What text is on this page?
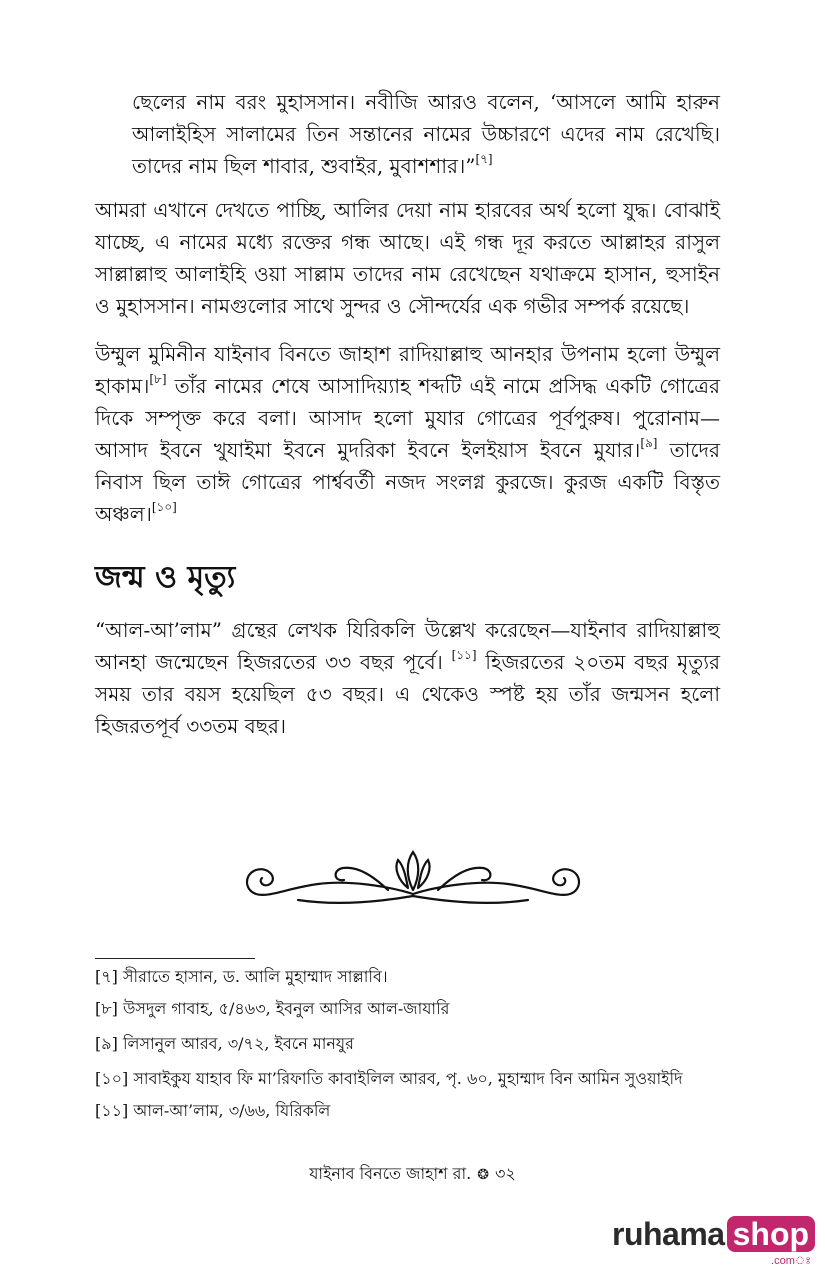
ছেলের নাম বরং মুহাসসান। নবীজি আরও বলেন, ‘আসলে আমি হারুন আলাইহিস সালামের তিন সন্তানের নামের উচ্চারণে এদের নাম রেখেছি। তাদের নাম ছিল শাবার, শুবাইর, মুবাশশার।”[৭]

আমরা এখানে দেখতে পাচ্ছি, আলির দেয়া নাম হারবের অর্থ হলো যুদ্ধ। বোঝাই যাচ্ছে, এ নামের মধ্যে রক্তের গন্ধ আছে। এই গন্ধ দূর করতে আল্লাহর রাসুল সাল্লাল্লাহু আলাইহি ওয়া সাল্লাম তাদের নাম রেখেছেন যথাক্রমে হাসান, হুসাইন ও মুহাসসান। নামগুলোর সাথে সুন্দর ও সৌন্দর্যের এক গভীর সম্পর্ক রয়েছে।

উম্মুল মুমিনীন যাইনাব বিনতে জাহাশ রাদিয়াল্লাহু আনহার উপনাম হলো উম্মুল হাকাম।[৮] তাঁর নামের শেষে আসাদিয়্যাহ শব্দটি এই নামে প্রসিদ্ধ একটি গোত্রের দিকে সম্পৃক্ত করে বলা। আসাদ হলো মুযার গোত্রের পূর্বপুরুষ। পুরোনাম—আসাদ ইবনে খুযাইমা ইবনে মুদরিকা ইবনে ইলইয়াস ইবনে মুযার।[৯] তাদের নিবাস ছিল তাঈ গোত্রের পার্শ্ববর্তী নজদ সংলগ্ন কুরজে। কুরজ একটি বিস্তৃত অঞ্চল।[১০]

জন্ম ও মৃত্যু

“আল-আ’লাম” গ্রন্থের লেখক যিরিকলি উল্লেখ করেছেন—যাইনাব রাদিয়াল্লাহু আনহা জন্মেছেন হিজরতের ৩৩ বছর পূর্বে। [১১] হিজরতের ২০তম বছর মৃত্যুর সময় তার বয়স হয়েছিল ৫৩ বছর। এ থেকেও স্পষ্ট হয় তাঁর জন্মসন হলো হিজরতপূর্ব ৩৩তম বছর।

[৭] সীরাতে হাসান, ড. আলি মুহাম্মাদ সাল্লাবি।

[৮] উসদুল গাবাহ, ৫/৪৬৩, ইবনুল আসির আল-জাযারি

[৯] লিসানুল আরব, ৩/৭২, ইবনে মানযুর

[১০] সাবাইকুয যাহাব ফি মা’রিফাতি কাবাইলিল আরব, পৃ. ৬০, মুহাম্মাদ বিন আমিন সুওয়াইদি

[১১] আল-আ’লাম, ৩/৬৬, যিরিকলি

যাইনাব বিনতে জাহাশ রা. ❂ ৩২
ruhama shop
.comঃ
